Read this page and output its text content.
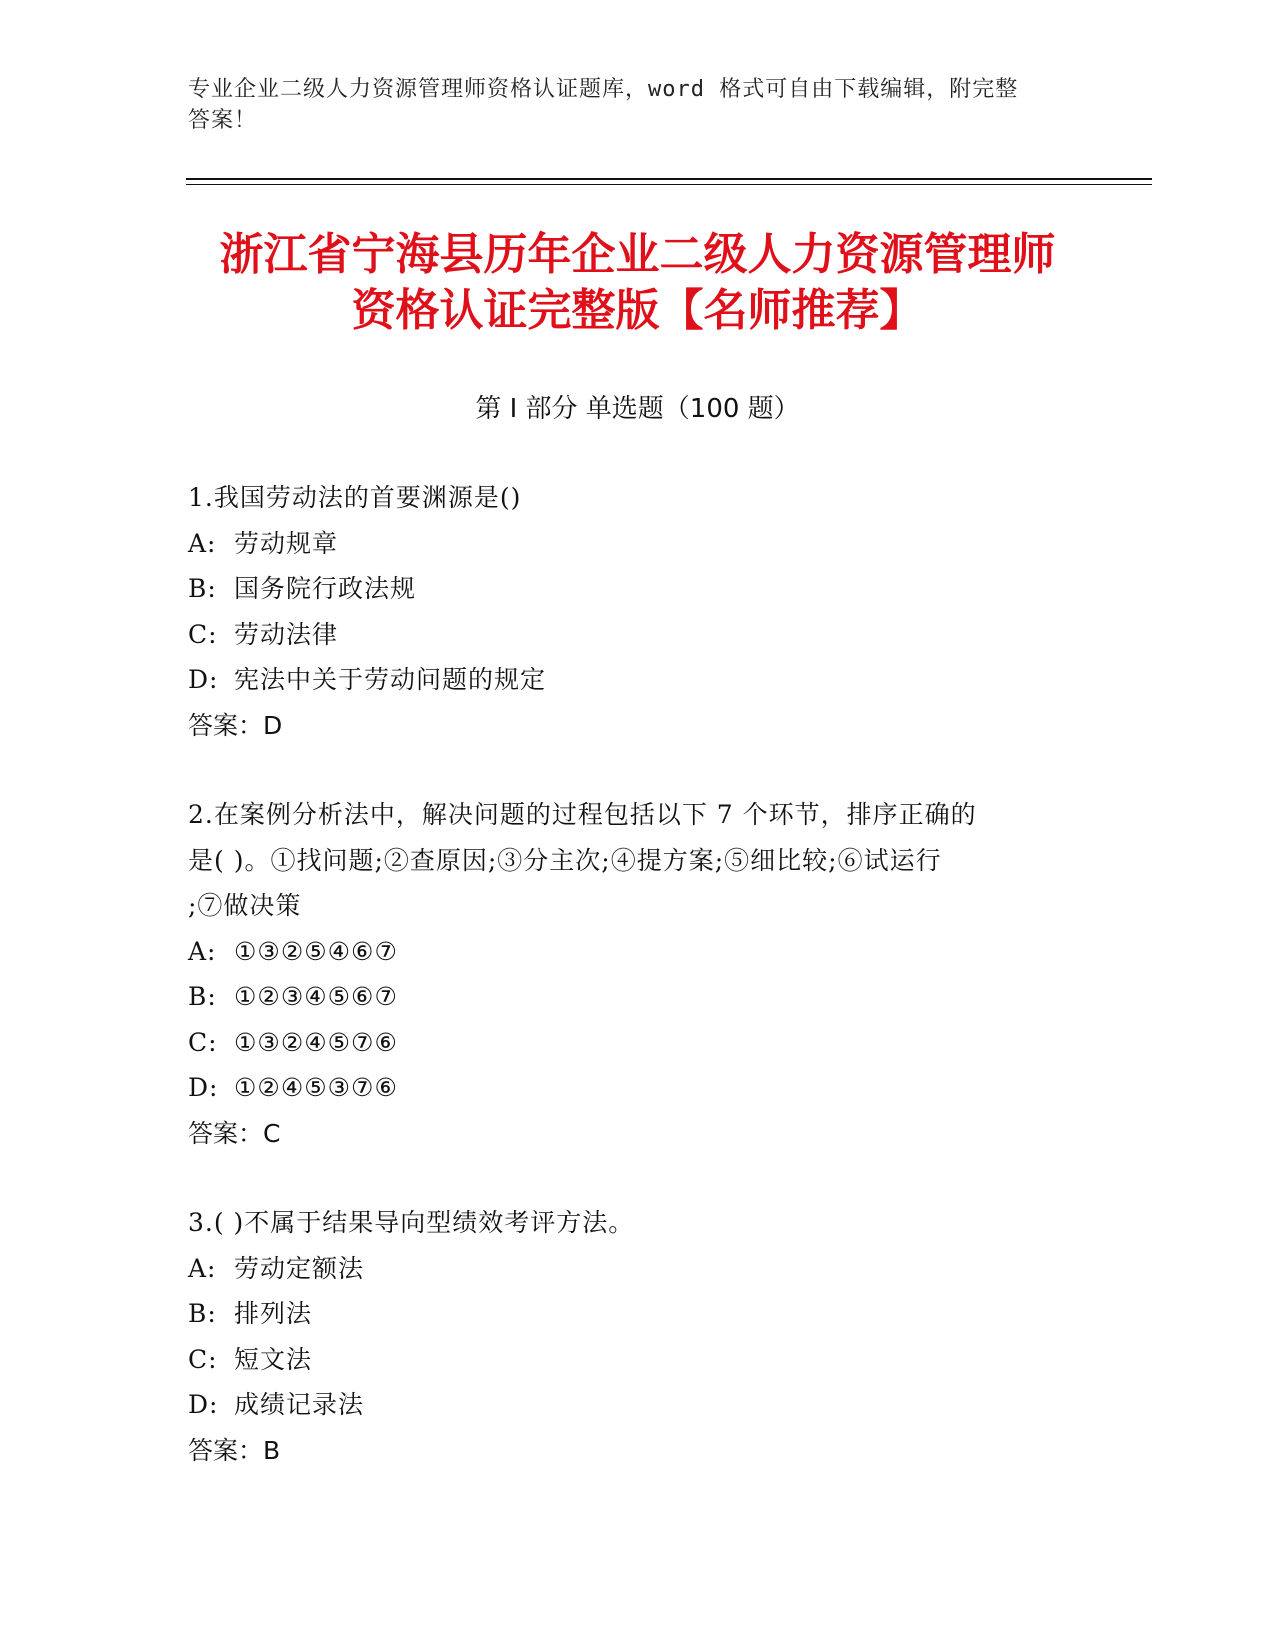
专业企业二级人力资源管理师资格认证题库，word 格式可自由下载编辑，附完整
答案！
浙江省宁海县历年企业二级人力资源管理师
资格认证完整版【名师推荐】
第 I 部分 单选题（100 题）
1.我国劳动法的首要渊源是()
A: 劳动规章
B: 国务院行政法规
C: 劳动法律
D: 宪法中关于劳动问题的规定
答案：D
2.在案例分析法中，解决问题的过程包括以下 7 个环节，排序正确的
是( )。①找问题;②查原因;③分主次;④提方案;⑤细比较;⑥试运行
;⑦做决策
A: ①③②⑤④⑥⑦
B: ①②③④⑤⑥⑦
C: ①③②④⑤⑦⑥
D: ①②④⑤③⑦⑥
答案：C
3.( )不属于结果导向型绩效考评方法。
A: 劳动定额法
B: 排列法
C: 短文法
D: 成绩记录法
答案：B
